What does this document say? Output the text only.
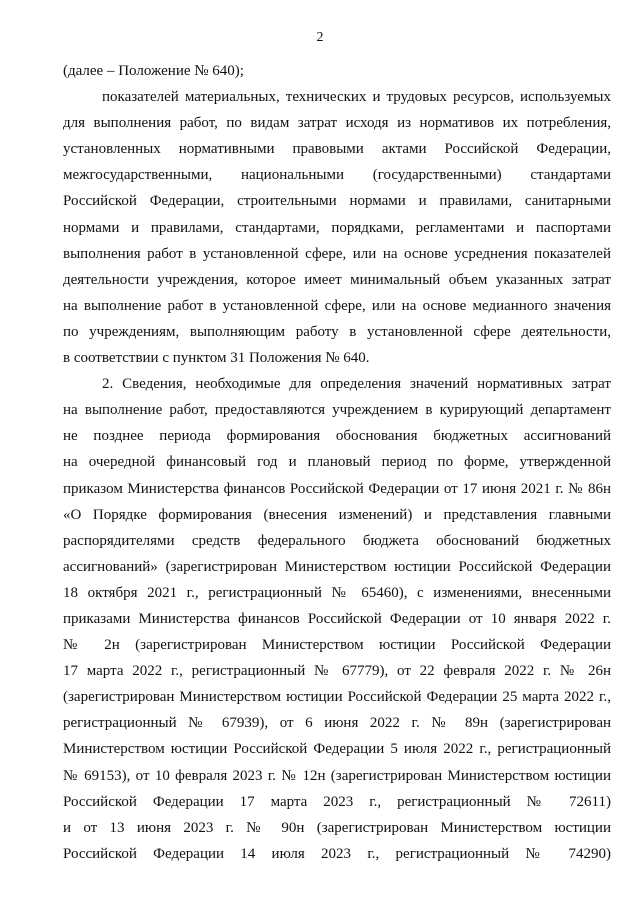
2
(далее – Положение № 640);
показателей материальных, технических и трудовых ресурсов, используемых
для выполнения работ, по видам затрат исходя из нормативов их потребления,
установленных нормативными правовыми актами Российской Федерации,
межгосударственными, национальными (государственными) стандартами
Российской Федерации, строительными нормами и правилами, санитарными
нормами и правилами, стандартами, порядками, регламентами и паспортами
выполнения работ в установленной сфере, или на основе усреднения показателей
деятельности учреждения, которое имеет минимальный объем указанных затрат
на выполнение работ в установленной сфере, или на основе медианного значения
по учреждениям, выполняющим работу в установленной сфере деятельности,
в соответствии с пунктом 31 Положения № 640.
2. Сведения, необходимые для определения значений нормативных затрат
на выполнение работ, предоставляются учреждением в курирующий департамент
не позднее периода формирования обоснования бюджетных ассигнований
на очередной финансовый год и плановый период по форме, утвержденной
приказом Министерства финансов Российской Федерации от 17 июня 2021 г. № 86н
«О Порядке формирования (внесения изменений) и представления главными
распорядителями средств федерального бюджета обоснований бюджетных
ассигнований» (зарегистрирован Министерством юстиции Российской Федерации
18 октября 2021 г., регистрационный № 65460), с изменениями, внесенными
приказами Министерства финансов Российской Федерации от 10 января 2022 г.
№ 2н (зарегистрирован Министерством юстиции Российской Федерации
17 марта 2022 г., регистрационный № 67779), от 22 февраля 2022 г. № 26н
(зарегистрирован Министерством юстиции Российской Федерации 25 марта 2022 г.,
регистрационный № 67939), от 6 июня 2022 г. № 89н (зарегистрирован
Министерством юстиции Российской Федерации 5 июля 2022 г., регистрационный
№ 69153), от 10 февраля 2023 г. № 12н (зарегистрирован Министерством юстиции
Российской Федерации 17 марта 2023 г., регистрационный № 72611)
и от 13 июня 2023 г. № 90н (зарегистрирован Министерством юстиции
Российской Федерации 14 июля 2023 г., регистрационный № 74290)
